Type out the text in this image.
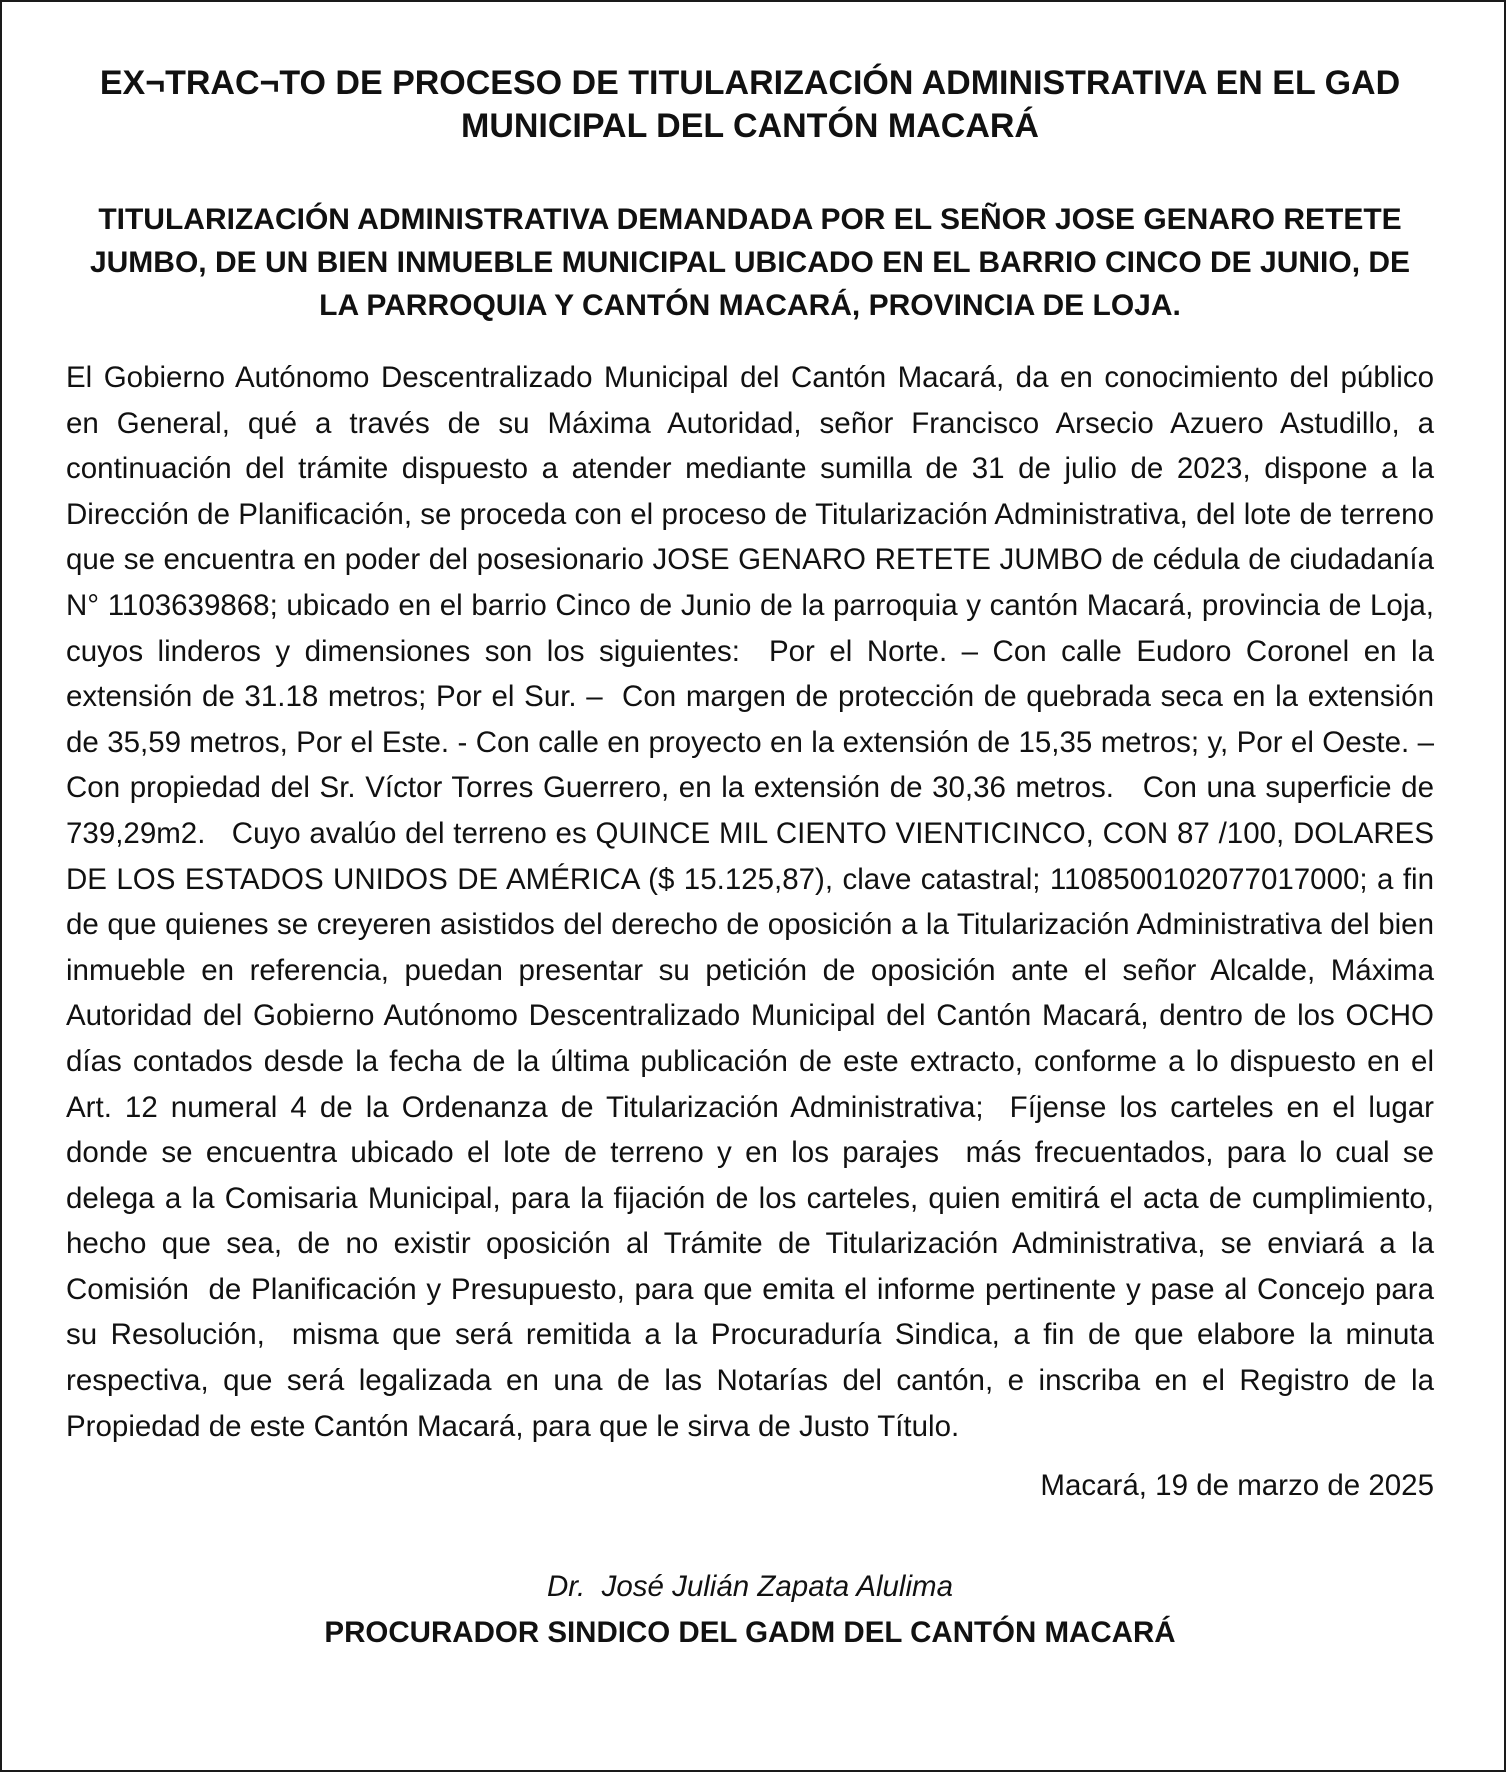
EX¬TRAC¬TO DE PROCESO DE TITULARIZACIÓN ADMINISTRATIVA EN EL GAD MUNICIPAL DEL CANTÓN MACARÁ
TITULARIZACIÓN ADMINISTRATIVA DEMANDADA POR EL SEÑOR JOSE GENARO RETETE JUMBO, DE UN BIEN INMUEBLE MUNICIPAL UBICADO EN EL BARRIO CINCO DE JUNIO, DE LA PARROQUIA Y CANTÓN MACARÁ, PROVINCIA DE LOJA.

El Gobierno Autónomo Descentralizado Municipal del Cantón Macará, da en conocimiento del público en General, qué a través de su Máxima Autoridad, señor Francisco Arsecio Azuero Astudillo, a continuación del trámite dispuesto a atender mediante sumilla de 31 de julio de 2023, dispone a la Dirección de Planificación, se proceda con el proceso de Titularización Administrativa, del lote de terreno que se encuentra en poder del posesionario JOSE GENARO RETETE JUMBO de cédula de ciudadanía N° 1103639868; ubicado en el barrio Cinco de Junio de la parroquia y cantón Macará, provincia de Loja, cuyos linderos y dimensiones son los siguientes:  Por el Norte. – Con calle Eudoro Coronel en la extensión de 31.18 metros; Por el Sur. –  Con margen de protección de quebrada seca en la extensión de 35,59 metros, Por el Este. - Con calle en proyecto en la extensión de 15,35 metros; y, Por el Oeste. – Con propiedad del Sr. Víctor Torres Guerrero, en la extensión de 30,36 metros.   Con una superficie de 739,29m2.   Cuyo avalúo del terreno es QUINCE MIL CIENTO VIENTICINCO, CON 87 /100, DOLARES DE LOS ESTADOS UNIDOS DE AMÉRICA ($ 15.125,87), clave catastral; 1108500102077017000; a fin de que quienes se creyeren asistidos del derecho de oposición a la Titularización Administrativa del bien inmueble en referencia, puedan presentar su petición de oposición ante el señor Alcalde, Máxima Autoridad del Gobierno Autónomo Descentralizado Municipal del Cantón Macará, dentro de los OCHO días contados desde la fecha de la última publicación de este extracto, conforme a lo dispuesto en el Art. 12 numeral 4 de la Ordenanza de Titularización Administrativa;  Fíjense los carteles en el lugar donde se encuentra ubicado el lote de terreno y en los parajes  más frecuentados, para lo cual se delega a la Comisaria Municipal, para la fijación de los carteles, quien emitirá el acta de cumplimiento, hecho que sea, de no existir oposición al Trámite de Titularización Administrativa, se enviará a la Comisión  de Planificación y Presupuesto, para que emita el informe pertinente y pase al Concejo para su Resolución,  misma que será remitida a la Procuraduría Sindica, a fin de que elabore la minuta respectiva, que será legalizada en una de las Notarías del cantón, e inscriba en el Registro de la Propiedad de este Cantón Macará, para que le sirva de Justo Título.

Macará, 19 de marzo de 2025

Dr.  José Julián Zapata Alulima

PROCURADOR SINDICO DEL GADM DEL CANTÓN MACARÁ
